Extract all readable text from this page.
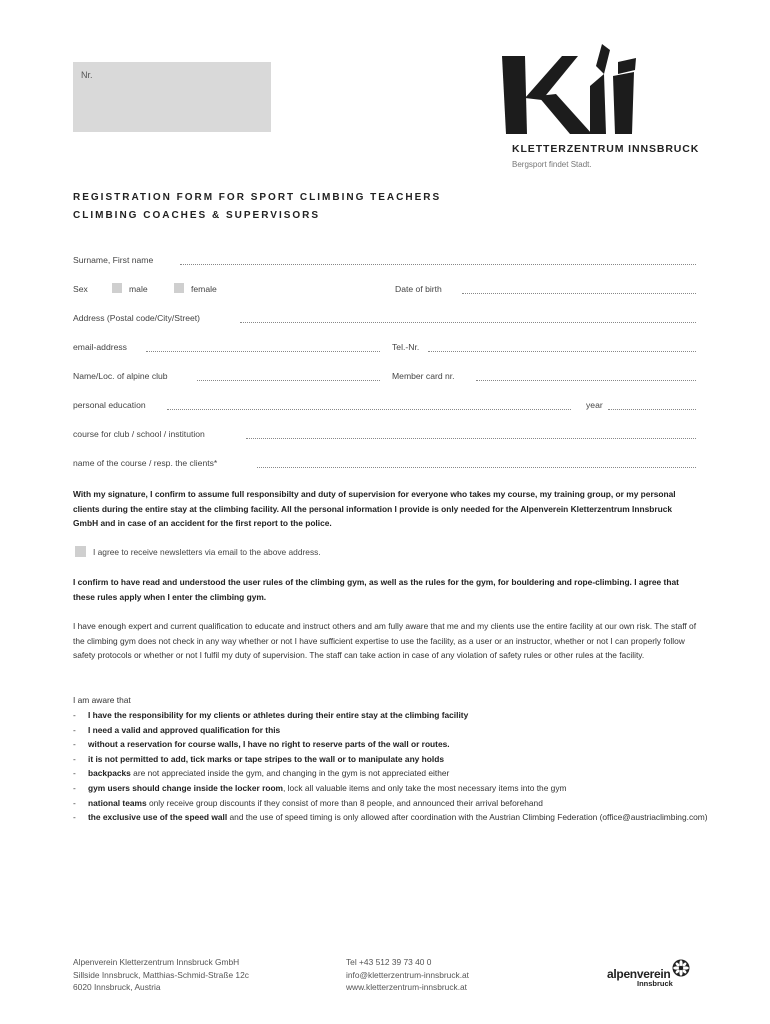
Nr.
KLETTERZENTRUM INNSBRUCK
Bergsport findet Stadt.
REGISTRATION FORM FOR SPORT CLIMBING TEACHERS
CLIMBING COACHES & SUPERVISORS
Surname, First name
Sex	male	female	Date of birth
Address (Postal code/City/Street)
email-address	Tel.-Nr.
Name/Loc. of alpine club	Member card nr.
personal education	year
course for club / school / institution
name of the course / resp. the clients*
With my signature, I confirm to assume full responsibilty and duty of supervision for everyone who takes my course, my training group, or my personal clients during the entire stay at the climbing facility. All the personal information I provide is only needed for the Alpenverein Kletterzentrum Innsbruck GmbH and in case of an accident for the first report to the police.
I agree to receive newsletters via email to the above address.
I confirm to have read and understood the user rules of the climbing gym, as well as the rules for the gym, for bouldering and rope-climbing. I agree that these rules apply when I enter the climbing gym.
I have enough expert and current qualification to educate and instruct others and am fully aware that me and my clients use the entire facility at our own risk. The staff of the climbing gym does not check in any way whether or not I have sufficient expertise to use the facility, as a user or an instructor, whether or not I can properly follow safety protocols or whether or not I fulfil my duty of supervision. The staff can take action in case of any violation of safety rules or other rules at the facility.
I am aware that
-	I have the responsibility for my clients or athletes during their entire stay at the climbing facility
-	I need a valid and approved qualification for this
-	without a reservation for course walls, I have no right to reserve parts of the wall or routes.
-	it is not permitted to add, tick marks or tape stripes to the wall or to manipulate any holds
-	backpacks are not appreciated inside the gym, and changing in the gym is not appreciated either
-	gym users should change inside the locker room, lock all valuable items and only take the most necessary items into the gym
-	national teams only receive group discounts if they consist of more than 8 people, and announced their arrival beforehand
-	the exclusive use of the speed wall and the use of speed timing is only allowed after coordination with the Austrian Climbing Federation (office@austriaclimbing.com)
Alpenverein Kletterzentrum Innsbruck GmbH
Sillside Innsbruck, Matthias-Schmid-Straße 12c
6020 Innsbruck, Austria
Tel +43 512 39 73 40 0
info@kletterzentrum-innsbruck.at
www.kletterzentrum-innsbruck.at
alpenverein
Innsbruck
